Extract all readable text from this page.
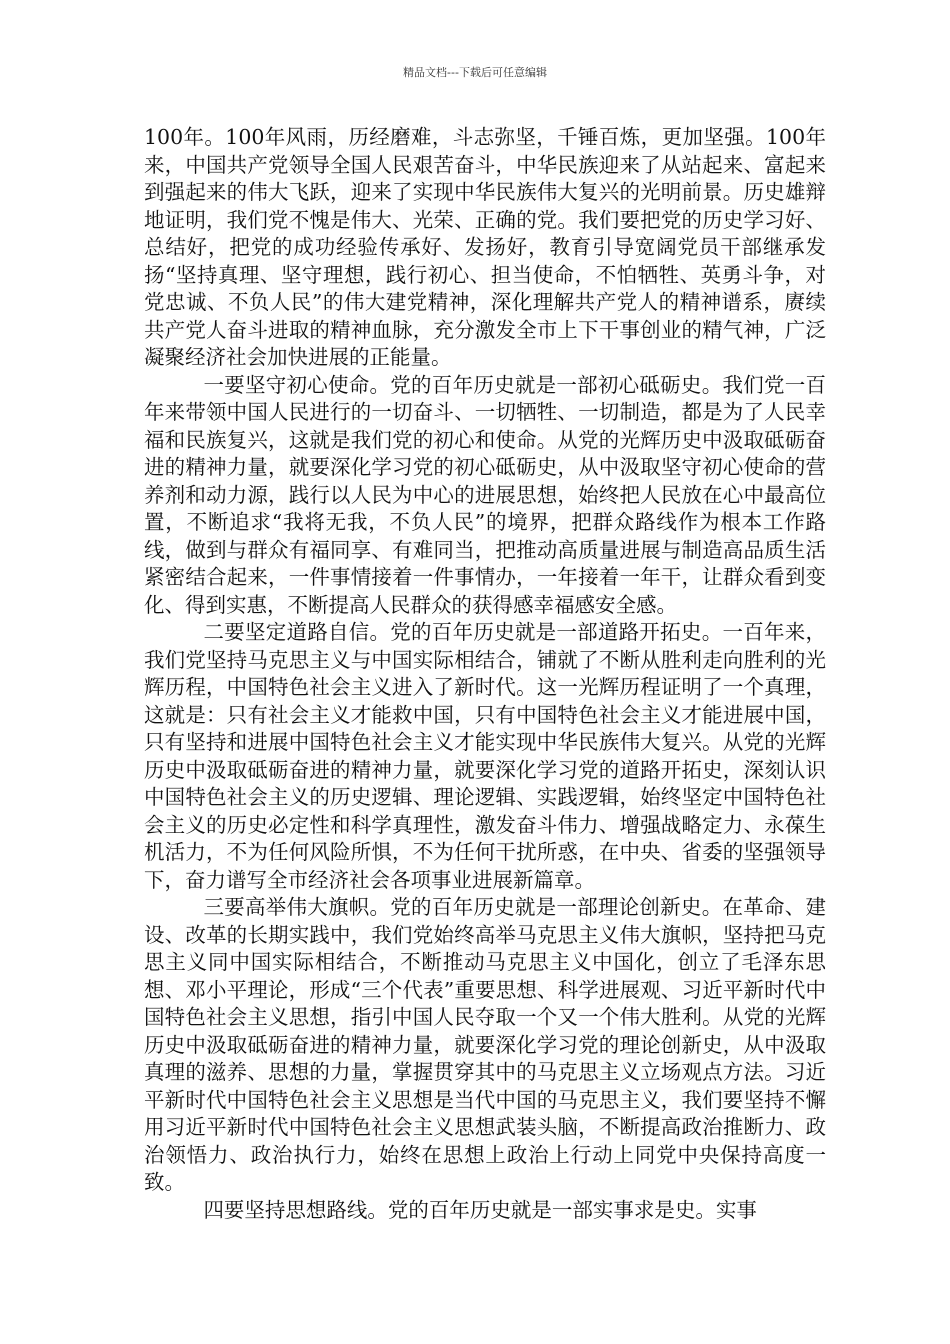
精品文档---下载后可任意编辑

100年。100年风雨，历经磨难，斗志弥坚，千锤百炼，更加坚强。100年来，中国共产党领导全国人民艰苦奋斗，中华民族迎来了从站起来、富起来到强起来的伟大飞跃，迎来了实现中华民族伟大复兴的光明前景。历史雄辩地证明，我们党不愧是伟大、光荣、正确的党。我们要把党的历史学习好、总结好，把党的成功经验传承好、发扬好，教育引导宽阔党员干部继承发扬“坚持真理、坚守理想，践行初心、担当使命，不怕牺牲、英勇斗争，对党忠诚、不负人民”的伟大建党精神，深化理解共产党人的精神谱系，赓续共产党人奋斗进取的精神血脉，充分激发全市上下干事创业的精气神，广泛凝聚经济社会加快进展的正能量。

一要坚守初心使命。党的百年历史就是一部初心砥砺史。我们党一百年来带领中国人民进行的一切奋斗、一切牺牲、一切制造，都是为了人民幸福和民族复兴，这就是我们党的初心和使命。从党的光辉历史中汲取砥砺奋进的精神力量，就要深化学习党的初心砥砺史，从中汲取坚守初心使命的营养剂和动力源，践行以人民为中心的进展思想，始终把人民放在心中最高位置，不断追求“我将无我，不负人民”的境界，把群众路线作为根本工作路线，做到与群众有福同享、有难同当，把推动高质量进展与制造高品质生活紧密结合起来，一件事情接着一件事情办，一年接着一年干，让群众看到变化、得到实惠，不断提高人民群众的获得感幸福感安全感。

二要坚定道路自信。党的百年历史就是一部道路开拓史。一百年来，我们党坚持马克思主义与中国实际相结合，铺就了不断从胜利走向胜利的光辉历程，中国特色社会主义进入了新时代。这一光辉历程证明了一个真理，这就是：只有社会主义才能救中国，只有中国特色社会主义才能进展中国，只有坚持和进展中国特色社会主义才能实现中华民族伟大复兴。从党的光辉历史中汲取砥砺奋进的精神力量，就要深化学习党的道路开拓史，深刻认识中国特色社会主义的历史逻辑、理论逻辑、实践逻辑，始终坚定中国特色社会主义的历史必定性和科学真理性，激发奋斗伟力、增强战略定力、永葆生机活力，不为任何风险所惧，不为任何干扰所惑，在中央、省委的坚强领导下，奋力谱写全市经济社会各项事业进展新篇章。

三要高举伟大旗帜。党的百年历史就是一部理论创新史。在革命、建设、改革的长期实践中，我们党始终高举马克思主义伟大旗帜，坚持把马克思主义同中国实际相结合，不断推动马克思主义中国化，创立了毛泽东思想、邓小平理论，形成“三个代表”重要思想、科学进展观、习近平新时代中国特色社会主义思想，指引中国人民夺取一个又一个伟大胜利。从党的光辉历史中汲取砥砺奋进的精神力量，就要深化学习党的理论创新史，从中汲取真理的滋养、思想的力量，掌握贯穿其中的马克思主义立场观点方法。习近平新时代中国特色社会主义思想是当代中国的马克思主义，我们要坚持不懈用习近平新时代中国特色社会主义思想武装头脑，不断提高政治推断力、政治领悟力、政治执行力，始终在思想上政治上行动上同党中央保持高度一致。

四要坚持思想路线。党的百年历史就是一部实事求是史。实事
